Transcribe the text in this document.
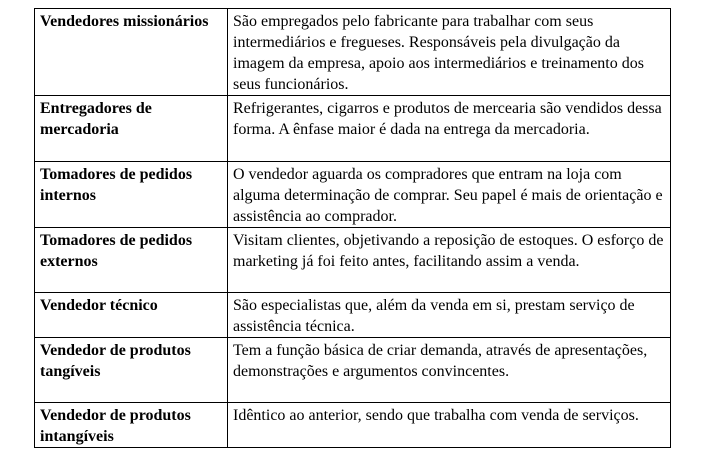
Vendedores missionários	São empregados pelo fabricante para trabalhar com seus intermediários e fregueses. Responsáveis pela divulgação da imagem da empresa, apoio aos intermediários e treinamento dos seus funcionários.
Entregadores de mercadoria	Refrigerantes, cigarros e produtos de mercearia são vendidos dessa forma. A ênfase maior é dada na entrega da mercadoria.
Tomadores de pedidos internos	O vendedor aguarda os compradores que entram na loja com alguma determinação de comprar. Seu papel é mais de orientação e assistência ao comprador.
Tomadores de pedidos externos	Visitam clientes, objetivando a reposição de estoques. O esforço de marketing já foi feito antes, facilitando assim a venda.
Vendedor técnico	São especialistas que, além da venda em si, prestam serviço de assistência técnica.
Vendedor de produtos tangíveis	Tem a função básica de criar demanda, através de apresentações, demonstrações e argumentos convincentes.
Vendedor de produtos intangíveis	Idêntico ao anterior, sendo que trabalha com venda de serviços.
